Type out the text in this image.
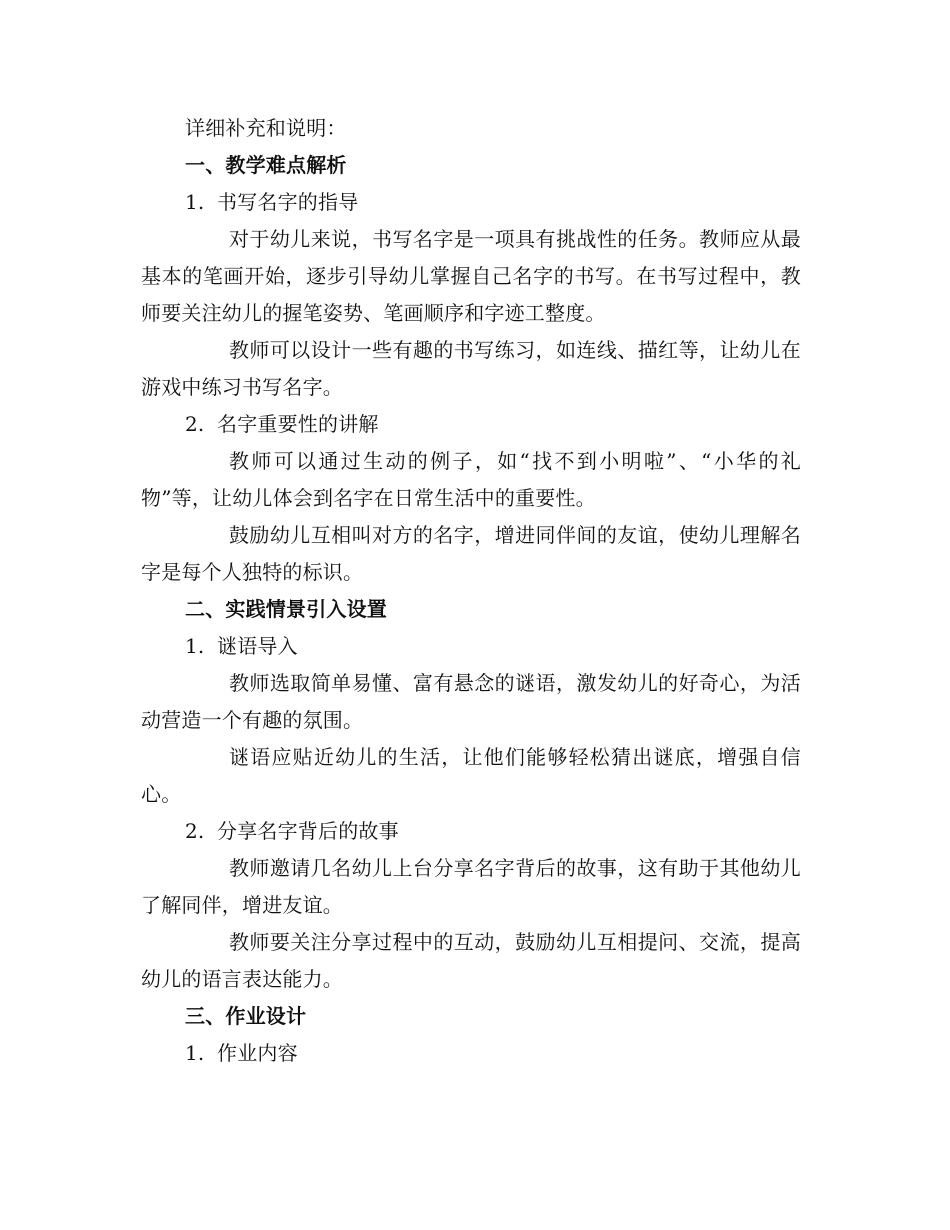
详细补充和说明：
一、教学难点解析
1. 书写名字的指导

对于幼儿来说，书写名字是一项具有挑战性的任务。教师应从最基本的笔画开始，逐步引导幼儿掌握自己名字的书写。在书写过程中，教师要关注幼儿的握笔姿势、笔画顺序和字迹工整度。

教师可以设计一些有趣的书写练习，如连线、描红等，让幼儿在游戏中练习书写名字。

2. 名字重要性的讲解

教师可以通过生动的例子，如“找不到小明啦”、“小华的礼物”等，让幼儿体会到名字在日常生活中的重要性。

鼓励幼儿互相叫对方的名字，增进同伴间的友谊，使幼儿理解名字是每个人独特的标识。

二、实践情景引入设置
1. 谜语导入

教师选取简单易懂、富有悬念的谜语，激发幼儿的好奇心，为活动营造一个有趣的氛围。

谜语应贴近幼儿的生活，让他们能够轻松猜出谜底，增强自信心。

2. 分享名字背后的故事

教师邀请几名幼儿上台分享名字背后的故事，这有助于其他幼儿了解同伴，增进友谊。

教师要关注分享过程中的互动，鼓励幼儿互相提问、交流，提高幼儿的语言表达能力。

三、作业设计
1. 作业内容
